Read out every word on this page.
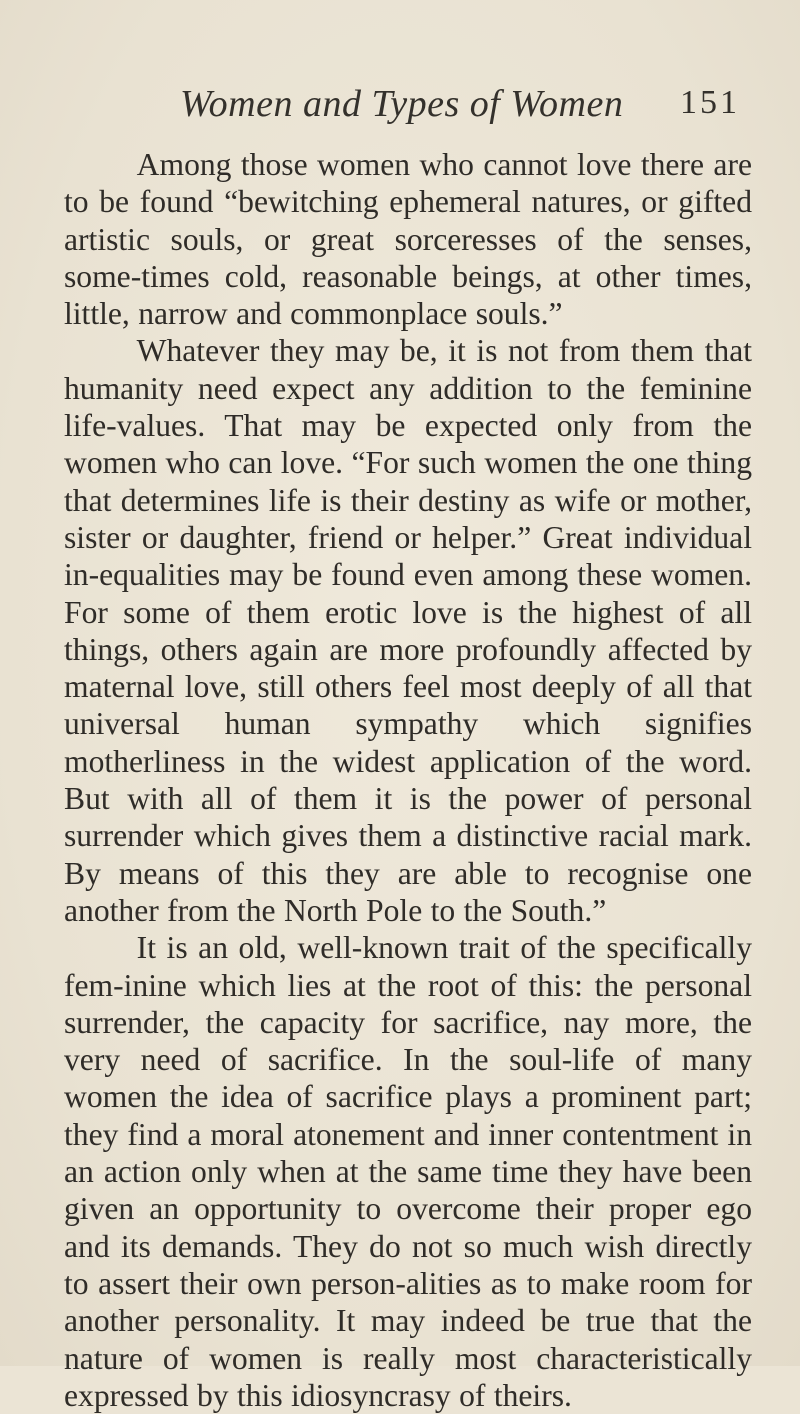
Women and Types of Women 151

Among those women who cannot love there are to be found “bewitching ephemeral natures, or gifted artistic souls, or great sorceresses of the senses, some-times cold, reasonable beings, at other times, little, narrow and commonplace souls.”

Whatever they may be, it is not from them that humanity need expect any addition to the feminine life-values. That may be expected only from the women who can love. “For such women the one thing that determines life is their destiny as wife or mother, sister or daughter, friend or helper.” Great individual in-equalities may be found even among these women. For some of them erotic love is the highest of all things, others again are more profoundly affected by maternal love, still others feel most deeply of all that universal human sympathy which signifies motherliness in the widest application of the word. But with all of them it is the power of personal surrender which gives them a distinctive racial mark. By means of this they are able to recognise one another from the North Pole to the South.”

It is an old, well-known trait of the specifically fem-inine which lies at the root of this: the personal surrender, the capacity for sacrifice, nay more, the very need of sacrifice. In the soul-life of many women the idea of sacrifice plays a prominent part; they find a moral atonement and inner contentment in an action only when at the same time they have been given an opportunity to overcome their proper ego and its demands. They do not so much wish directly to assert their own person-alities as to make room for another personality. It may indeed be true that the nature of women is really most characteristically expressed by this idiosyncrasy of theirs.
